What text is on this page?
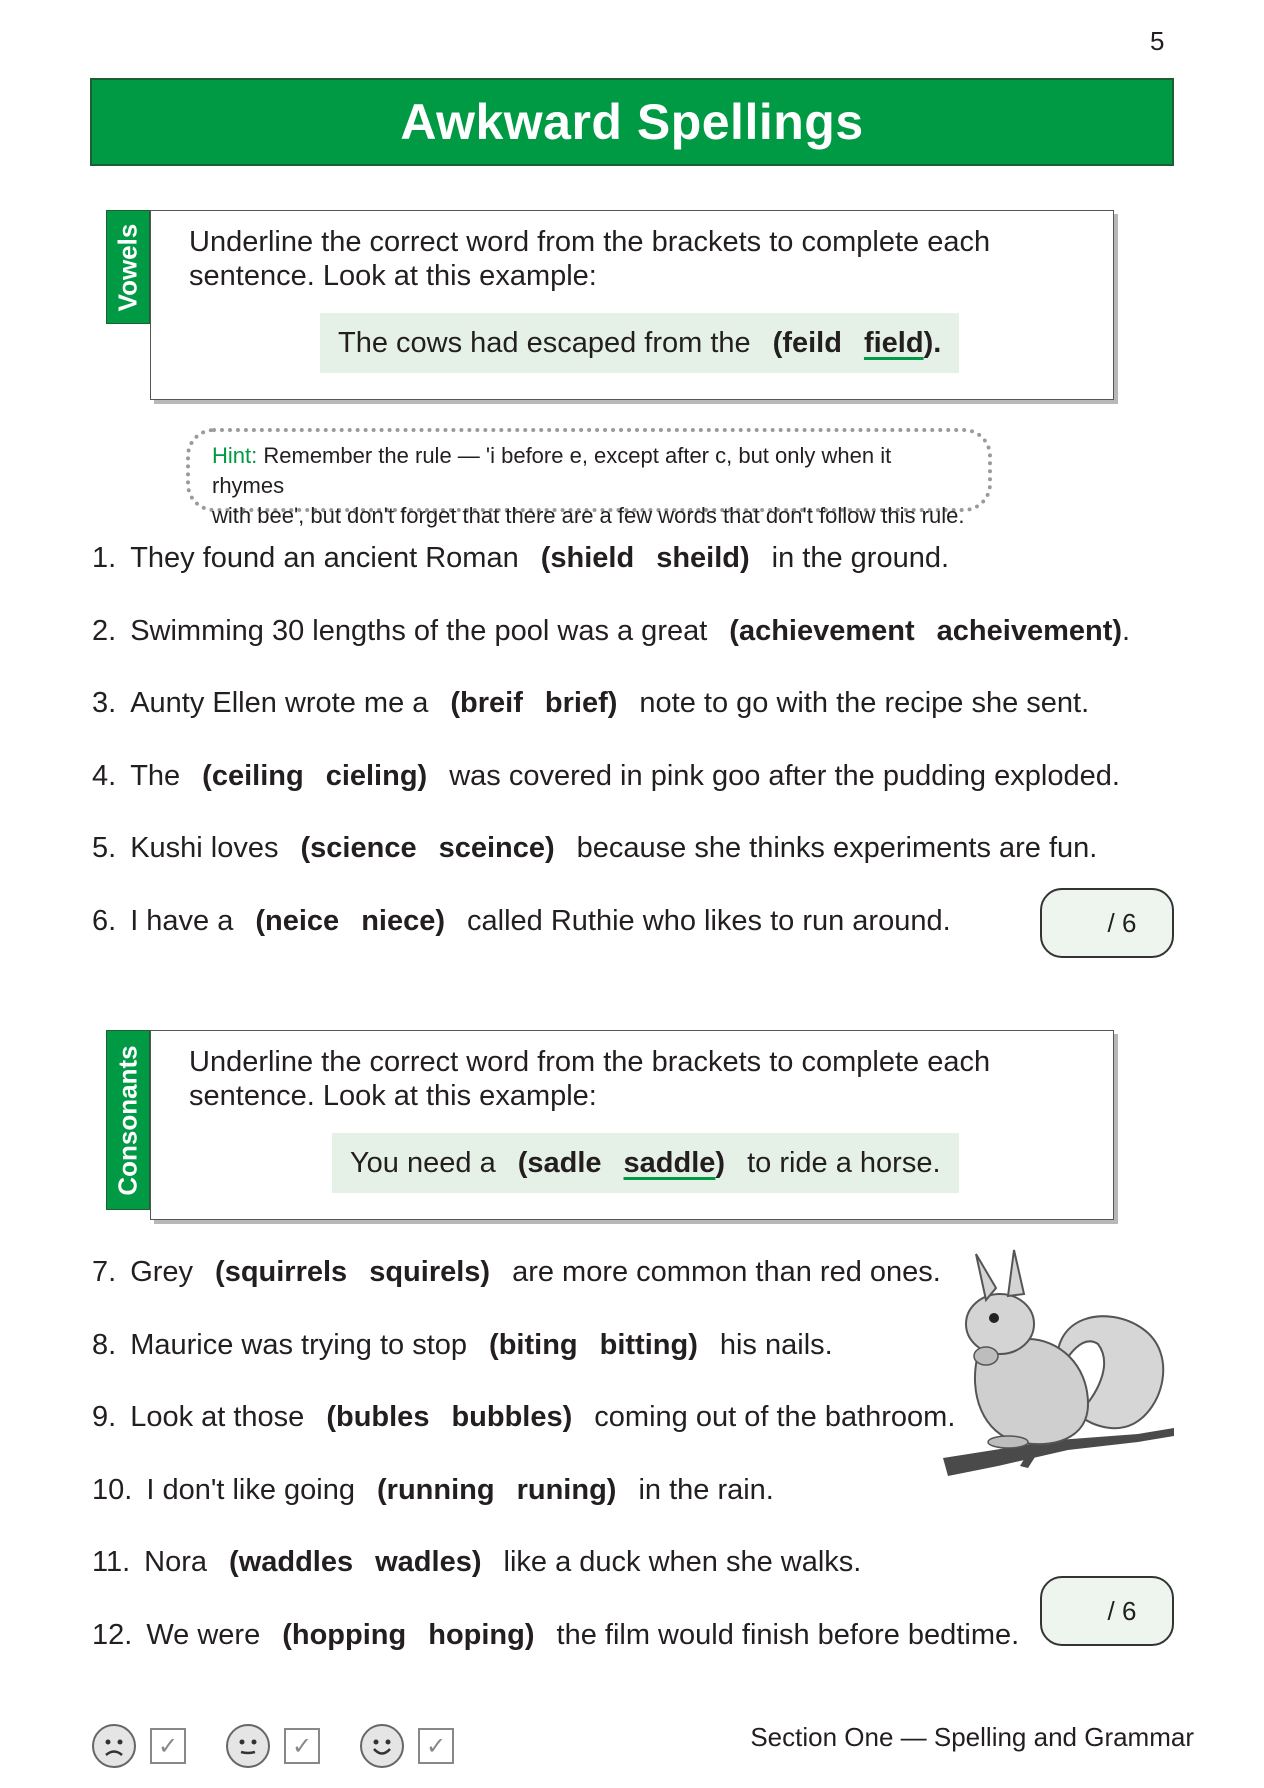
5
Awkward Spellings
Vowels Underline the correct word from the brackets to complete each
sentence. Look at this example:
The cows had escaped from the (feild field ).
Hint: Remember the rule — 'i before e, except after c, but only when it rhymes
with bee', but don't forget that there are a few words that don't follow this rule.
1. They found an ancient Roman (shield sheild) in the ground.
2. Swimming 30 lengths of the pool was a great (achievement acheivement).
3. Aunty Ellen wrote me a (breif brief) note to go with the recipe she sent.
4. The (ceiling cieling) was covered in pink goo after the pudding exploded.
5. Kushi loves (science sceince) because she thinks experiments are fun.
6. I have a (neice niece) called Ruthie who likes to run around.	/ 6
Consonants Underline the correct word from the brackets to complete each
sentence. Look at this example:
You need a (sadle saddle ) to ride a horse.
7. Grey (squirrels squirels) are more common than red ones.
8. Maurice was trying to stop (biting bitting) his nails.
9. Look at those (bubles bubbles) coming out of the bathroom.
10. I don't like going (running runing) in the rain.
11. Nora (waddles wadles) like a duck when she walks.
12. We were (hopping hoping) the film would finish before bedtime.
/ 6
✓	✓	✓	Section One — Spelling and Grammar
